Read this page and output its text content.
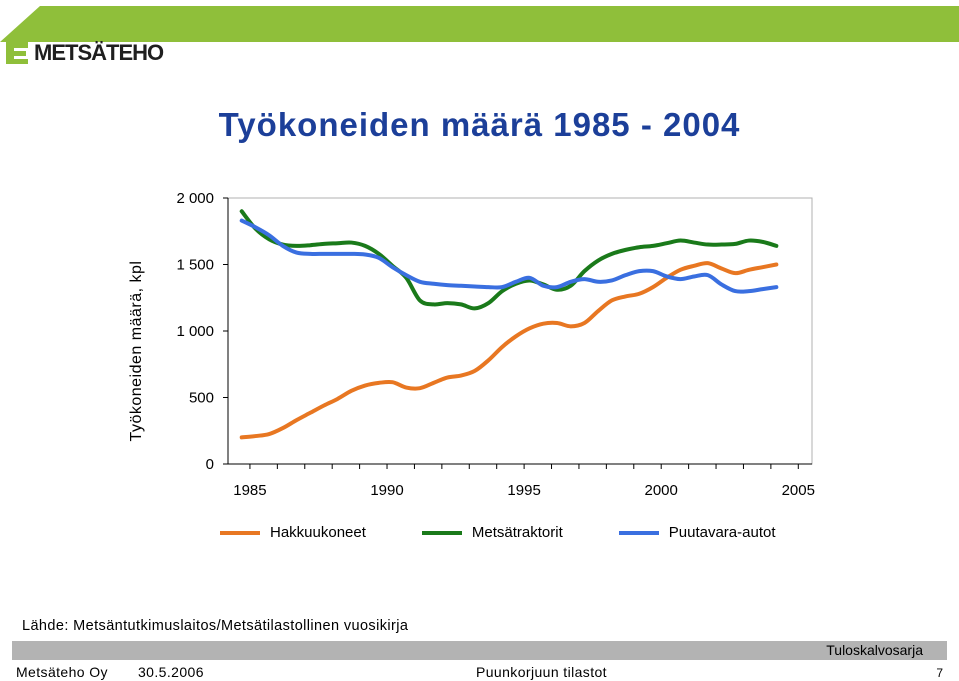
METSÄTEHO
Työkoneiden määrä 1985 - 2004
0
500
1 000
1 500
2 000
1985	1990	1995	2000	2005
Työkoneiden määrä, kpl
Hakkuukoneet	Metsätraktorit	Puutavara-autot
Lähde: Metsäntutkimuslaitos/Metsätilastollinen vuosikirja
Tuloskalvosarja
Metsäteho Oy 30.5.2006	Puunkorjuun tilastot	7
